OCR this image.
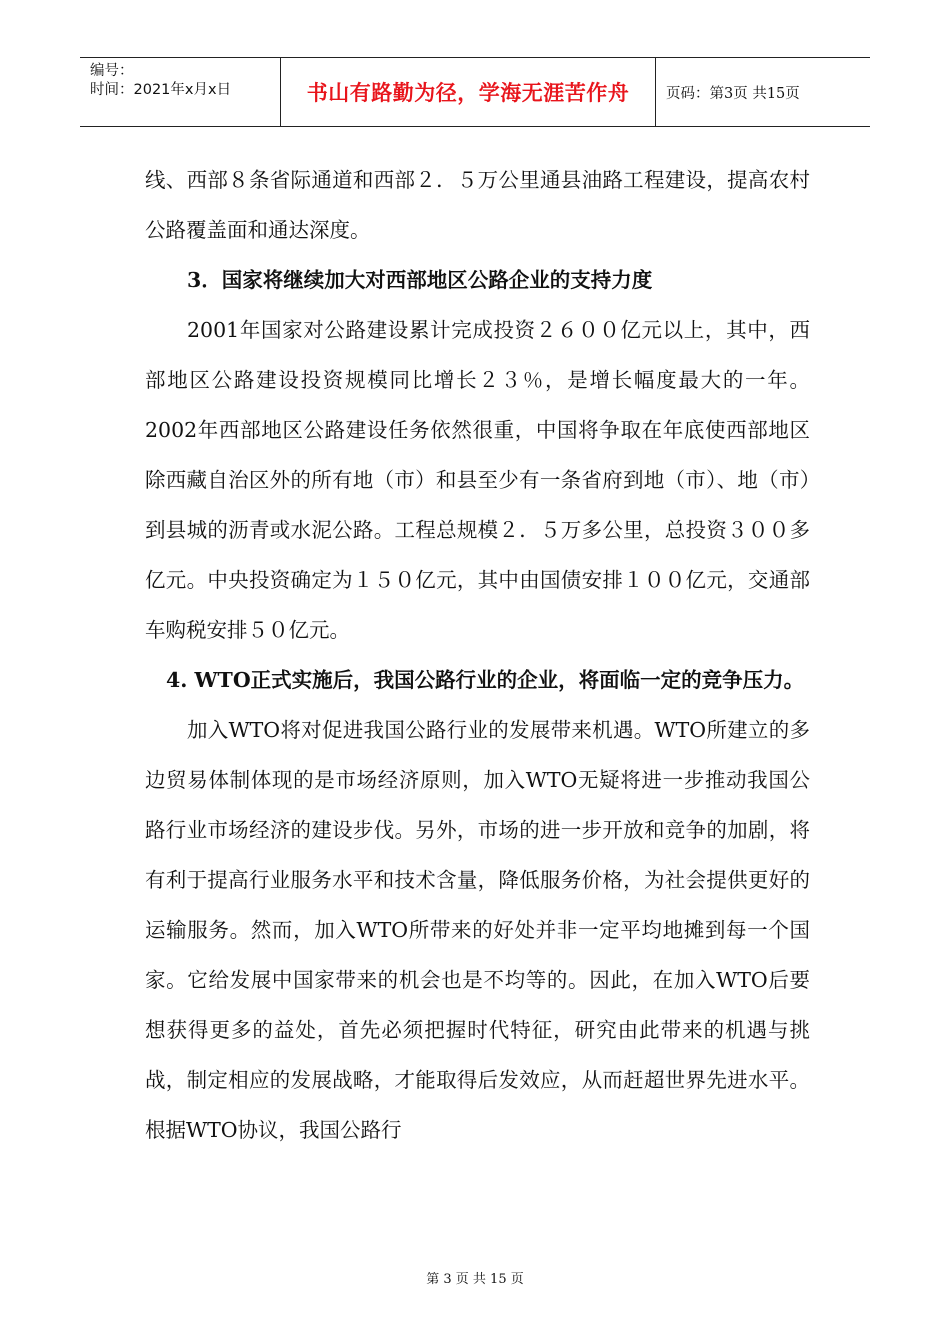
编号：
时间：2021年x月x日	书山有路勤为径，学海无涯苦作舟	页码：第3页 共15页

线、西部８条省际通道和西部２．５万公里通县油路工程建设，提高农村公路覆盖面和通达深度。

3．国家将继续加大对西部地区公路企业的支持力度

2001年国家对公路建设累计完成投资２６００亿元以上，其中，西部地区公路建设投资规模同比增长２３％，是增长幅度最大的一年。2002年西部地区公路建设任务依然很重，中国将争取在年底使西部地区除西藏自治区外的所有地（市）和县至少有一条省府到地（市）、地（市）到县城的沥青或水泥公路。工程总规模２．５万多公里，总投资３００多亿元。中央投资确定为１５０亿元，其中由国债安排１００亿元，交通部车购税安排５０亿元。

4. WTO正式实施后，我国公路行业的企业，将面临一定的竞争压力。

加入WTO将对促进我国公路行业的发展带来机遇。WTO所建立的多边贸易体制体现的是市场经济原则，加入WTO无疑将进一步推动我国公路行业市场经济的建设步伐。另外，市场的进一步开放和竞争的加剧，将有利于提高行业服务水平和技术含量，降低服务价格，为社会提供更好的运输服务。然而，加入WTO所带来的好处并非一定平均地摊到每一个国家。它给发展中国家带来的机会也是不均等的。因此，在加入WTO后要想获得更多的益处，首先必须把握时代特征，研究由此带来的机遇与挑战，制定相应的发展战略，才能取得后发效应，从而赶超世界先进水平。根据WTO协议，我国公路行

第 3 页 共 15 页
